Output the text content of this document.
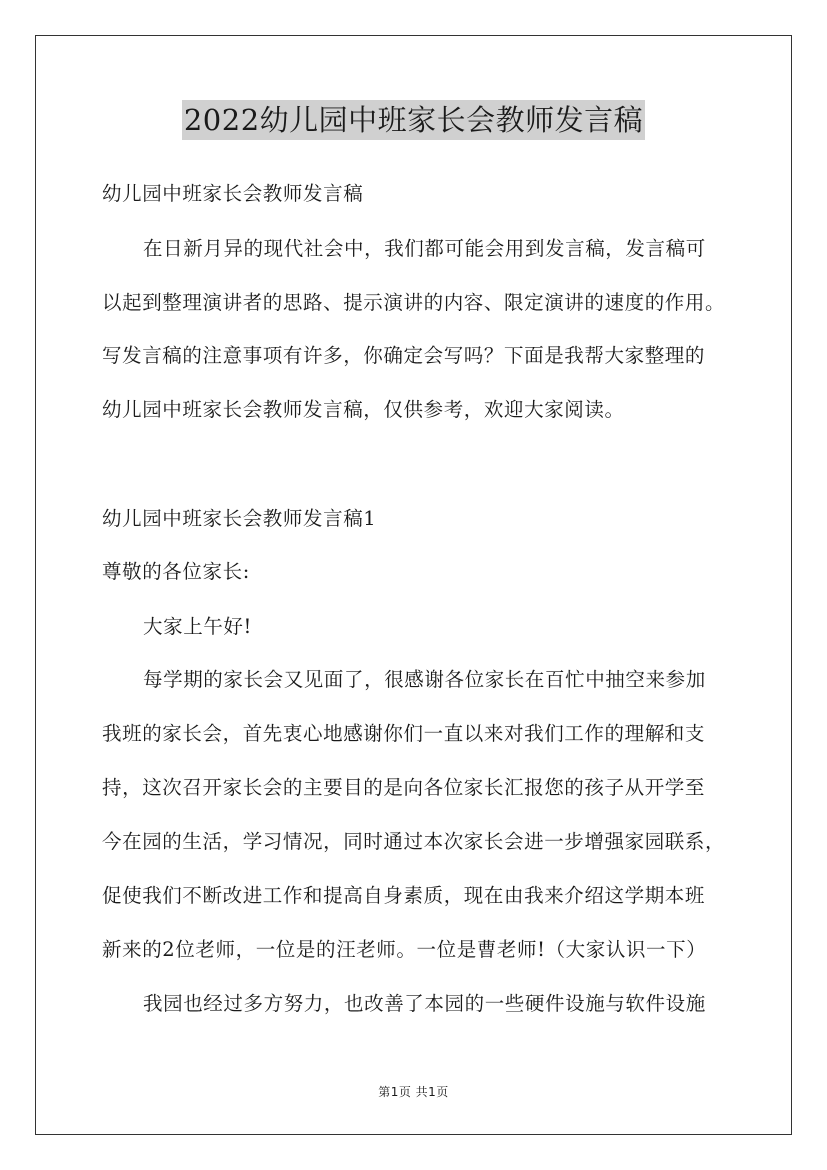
2022幼儿园中班家长会教师发言稿
幼儿园中班家长会教师发言稿
在日新月异的现代社会中，我们都可能会用到发言稿，发言稿可
以起到整理演讲者的思路、提示演讲的内容、限定演讲的速度的作用。
写发言稿的注意事项有许多，你确定会写吗？下面是我帮大家整理的
幼儿园中班家长会教师发言稿，仅供参考，欢迎大家阅读。
幼儿园中班家长会教师发言稿1
尊敬的各位家长:
大家上午好!
每学期的家长会又见面了，很感谢各位家长在百忙中抽空来参加
我班的家长会，首先衷心地感谢你们一直以来对我们工作的理解和支
持，这次召开家长会的主要目的是向各位家长汇报您的孩子从开学至
今在园的生活，学习情况，同时通过本次家长会进一步增强家园联系，
促使我们不断改进工作和提高自身素质，现在由我来介绍这学期本班
新来的2位老师，一位是的汪老师。一位是曹老师!（大家认识一下）
我园也经过多方努力，也改善了本园的一些硬件设施与软件设施
第1页 共1页
